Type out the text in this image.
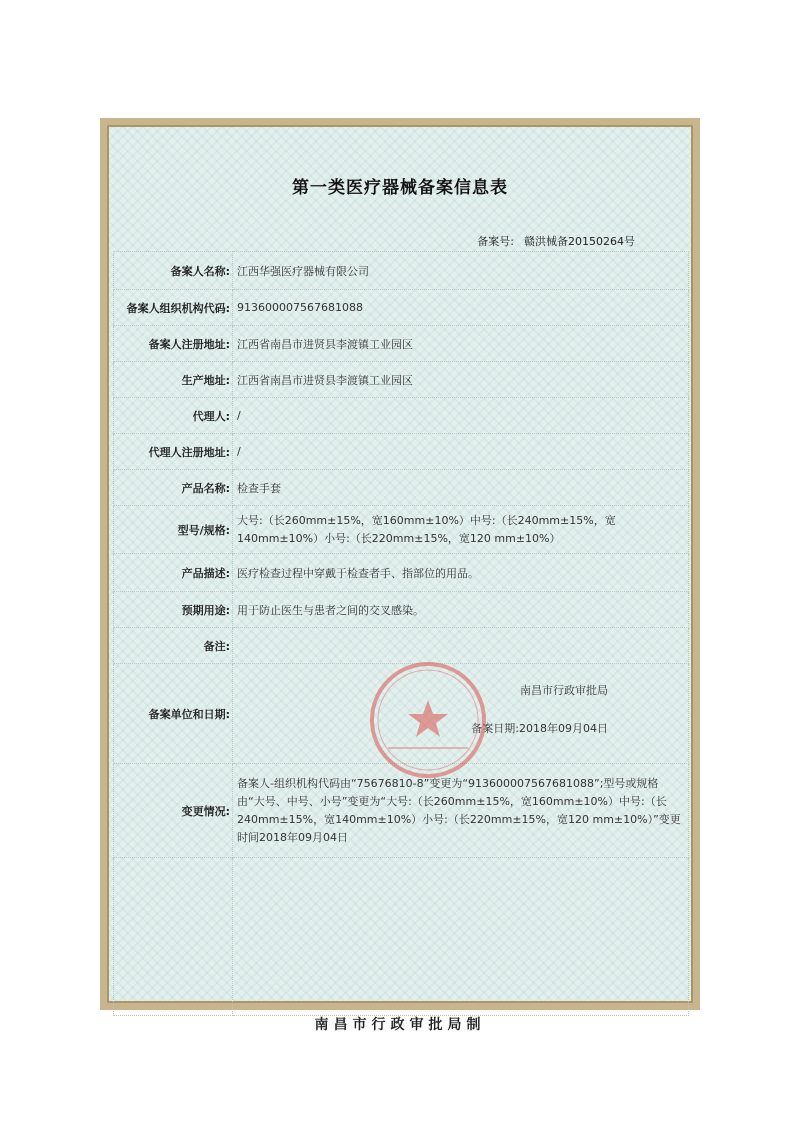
第一类医疗器械备案信息表
备案号: 赣洪械备20150264号
备案人名称:	江西华强医疗器械有限公司
备案人组织机构代码:	913600007567681088
备案人注册地址:	江西省南昌市进贤县李渡镇工业园区
生产地址:	江西省南昌市进贤县李渡镇工业园区
代理人:	/
代理人注册地址:	/
产品名称:	检查手套
型号/规格:	大号:（长260mm±15%，宽160mm±10%）中号:（长240mm±15%，宽140mm±10%）小号:（长220mm±15%，宽120 mm±10%）
产品描述:	医疗检查过程中穿戴于检查者手、指部位的用品。
预期用途:	用于防止医生与患者之间的交叉感染。
备注:	
备案单位和日期:	南昌市行政审批局
备案日期:2018年09月04日

变更情况:	备案人-组织机构代码由“75676810-8”变更为“913600007567681088”;型号或规格由“大号、中号、小号”变更为“大号:（长260mm±15%，宽160mm±10%）中号:（长240mm±15%，宽140mm±10%）小号:（长220mm±15%，宽120 mm±10%）”变更时间2018年09月04日

南昌市行政审批局制
